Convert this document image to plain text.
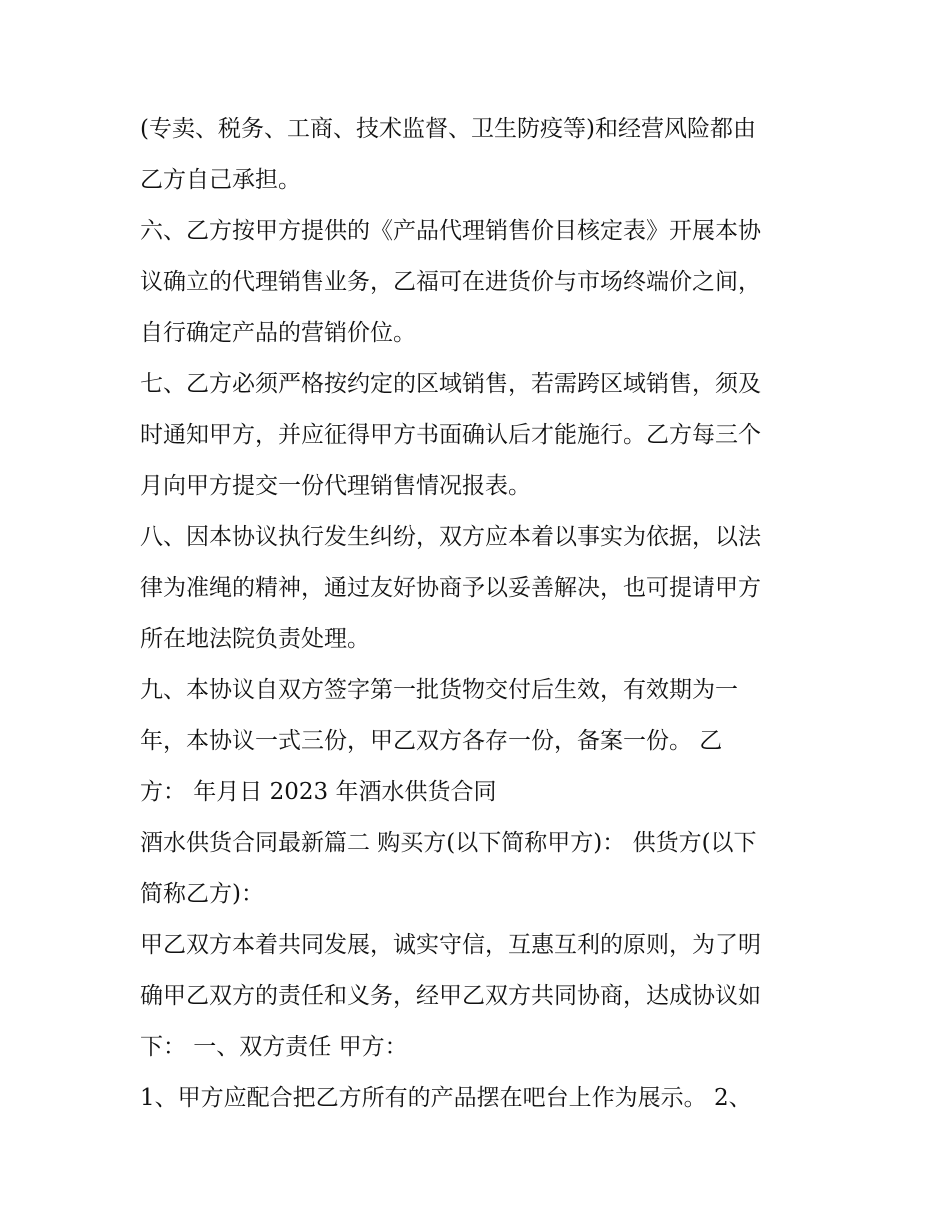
(专卖、税务、工商、技术监督、卫生防疫等)和经营风险都由
乙方自己承担。
六、乙方按甲方提供的《产品代理销售价目核定表》开展本协
议确立的代理销售业务，乙福可在进货价与市场终端价之间，
自行确定产品的营销价位。
七、乙方必须严格按约定的区域销售，若需跨区域销售，须及
时通知甲方，并应征得甲方书面确认后才能施行。乙方每三个
月向甲方提交一份代理销售情况报表。
八、因本协议执行发生纠纷，双方应本着以事实为依据，以法
律为准绳的精神，通过友好协商予以妥善解决，也可提请甲方
所在地法院负责处理。
九、本协议自双方签字第一批货物交付后生效，有效期为一
年，本协议一式三份，甲乙双方各存一份，备案一份。 乙
方： 年月日 2023 年酒水供货合同
酒水供货合同最新篇二 购买方(以下简称甲方)： 供货方(以下
简称乙方)：
甲乙双方本着共同发展，诚实守信，互惠互利的原则，为了明
确甲乙双方的责任和义务，经甲乙双方共同协商，达成协议如
下： 一、双方责任 甲方：
1、甲方应配合把乙方所有的产品摆在吧台上作为展示。 2、
